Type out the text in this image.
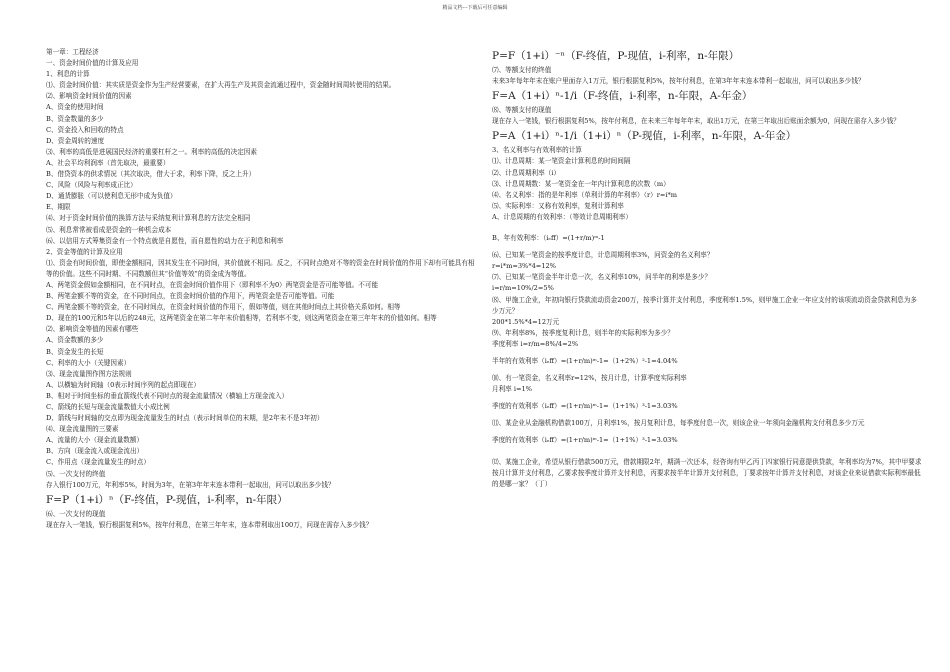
精品文档---下载后可任意编辑
第一章：工程经济
一、资金时间价值的计算及应用
1、利息的计算
⑴、资金时间价值：其实质是资金作为生产经营要素，在扩大再生产及其资金流通过程中，资金随时间周转使用的结果。
⑵、影响资金时间价值的因素
A、资金的使用时间
B、资金数量的多少
C、资金投入和回收的特点
D、资金周转的速度
⑶、利率的高低是进展国民经济的重要杠杆之一。利率的高低的决定因素
A、社会平均利润率（首先取决，最重要）
B、借贷资本的供求情况（其次取决，借大于求，利率下降，反之上升）
C、风险（风险与利率成正比）
D、通货膨胀（可以使利息无形中成为负值）
E、期限
⑷、对于资金时间价值的换算方法与采纳复利计算利息的方法完全相同
⑸、利息常常被看成是资金的一种机会成本
⑹、以信用方式筹集资金有一个特点就是自愿性，而自愿性的动力在于利息和利率
2、资金等值的计算及应用
⑴、资金有时间价值，即使金额相同，因其发生在不同时间，其价值就不相同。反之，不同时点绝对不等的资金在时间价值的作用下却有可能具有相等的价值。这些不同时期、不同数额但其“价值等效”的资金成为等值。
A、两笔资金假如金额相同，在不同时点，在资金时间价值作用下（即利率不为0）两笔资金是否可能等值。不可能
B、两笔金额不等的资金，在不同时间点，在资金时间价值的作用下，两笔资金是否可能等值。可能
C、两笔金额不等的资金，在不同时间点，在资金时间价值的作用下，假如等值，则在其他时间点上其价格关系如何。相等
D、现在的100元和5年以后的248元，这两笔资金在第二年年末价值相等，若利率不变，则这两笔资金在第三年年末的价值如何。相等
⑵、影响资金等值的因素有哪些
A、资金数额的多少
B、资金发生的长短
C、利率的大小（关键因素）
⑶、现金流量图作图方法规则
A、以横轴为时间轴（0表示时间序列的起点即现在）
B、相对于时间坐标的垂直箭线代表不同时点的现金流量情况（横轴上方现金流入）
C、箭线的长短与现金流量数值大小成比例
D、箭线与时间轴的交点即为现金流量发生的时点（表示时间单位的末期，是2年末不是3年初）
⑷、现金流量图的三要素
A、流量的大小（现金流量数额）
B、方向（现金流入或现金流出）
C、作用点（现金流量发生的时点）
⑸、一次支付的终值
存入银行100万元，年利率5%，时间为3年，在第3年年末连本带利一起取出，问可以取出多少钱？
F=P（1+i）ⁿ（F-终值，P-现值，i-利率，n-年限）
⑹、一次支付的现值
现在存入一笔钱，银行根据复利5%，按年付利息，在第三年年末，连本带利取出100万，问现在需存入多少钱？
P=F（1+i）⁻ⁿ（F-终值，P-现值，i-利率，n-年限）
⑺、等额支付的终值
未来3年每年年末在账户里面存入1万元，银行根据复利5%，按年付利息，在第3年年末连本带利一起取出，问可以取出多少钱？
F=A（1+i）ⁿ-1/i（F-终值，i-利率，n-年限，A-年金）
⑻、等额支付的现值
现在存入一笔钱，银行根据复利5%，按年付利息，在未来三年每年年末，取出1万元，在第三年取出后账面余额为0，问现在需存入多少钱？
P=A（1+i）ⁿ-1/i（1+i）ⁿ（P-现值，i-利率，n-年限，A-年金）
3、名义利率与有效利率的计算
⑴、计息周期：某一笔资金计算利息的时间间隔
⑵、计息周期利率（i）
⑶、计息周期数：某一笔资金在一年内计算利息的次数（m）
⑷、名义利率：指的是年利率（单利计算的年利率）（r）r=i*m
⑸、实际利率：又称有效利率，复利计算利率
A、计息周期的有效利率：（等效计息周期利率）
B、年有效利率：（iₑff）=(1+r/m)ᵐ-1
⑹、已知某一笔资金的按季度计息，计息周期利率3%，问资金的名义利率？
r=i*m=3%*4=12%
⑺、已知某一笔资金半年计息一次，名义利率10%，问半年的利率是多少？
i=r/m=10%/2=5%
⑻、甲施工企业，年初向银行贷款流动资金200万，按季计算并支付利息，季度利率1.5%，则甲施工企业一年应支付的该项流动资金贷款利息为多少万元？
200*1.5%*4=12万元
⑼、年利率8%，按季度复利计息，则半年的实际利率为多少？
季度利率 i=r/m=8%/4=2%
半年的有效利率（iₑff）=(1+r/m)ᵐ-1=（1+2%）²-1=4.04%
⑽、有一笔资金，名义利率r=12%，按月计息，计算季度实际利率
月利率 i=1%
季度的有效利率（iₑff）=(1+r/m)ᵐ-1=（1+1%）³-1=3.03%
⑾、某企业从金融机构借款100万，月利率1%，按月复利计息，每季度付息一次，则该企业一年须向金融机构支付利息多少万元
季度的有效利率（iₑff）=(1+r/m)ᵐ-1=（1+1%）³-1=3.03%
⑿、某施工企业，希望从银行借款500万元，借款期限2年，期满一次还本，经咨询有甲乙丙丁四家银行同意提供贷款，年利率均为7%，其中甲要求按月计算并支付利息，乙要求按季度计算并支付利息，丙要求按半年计算并支付利息，丁要求按年计算并支付利息，对该企业来说借款实际利率最低的是哪一家？（丁）
